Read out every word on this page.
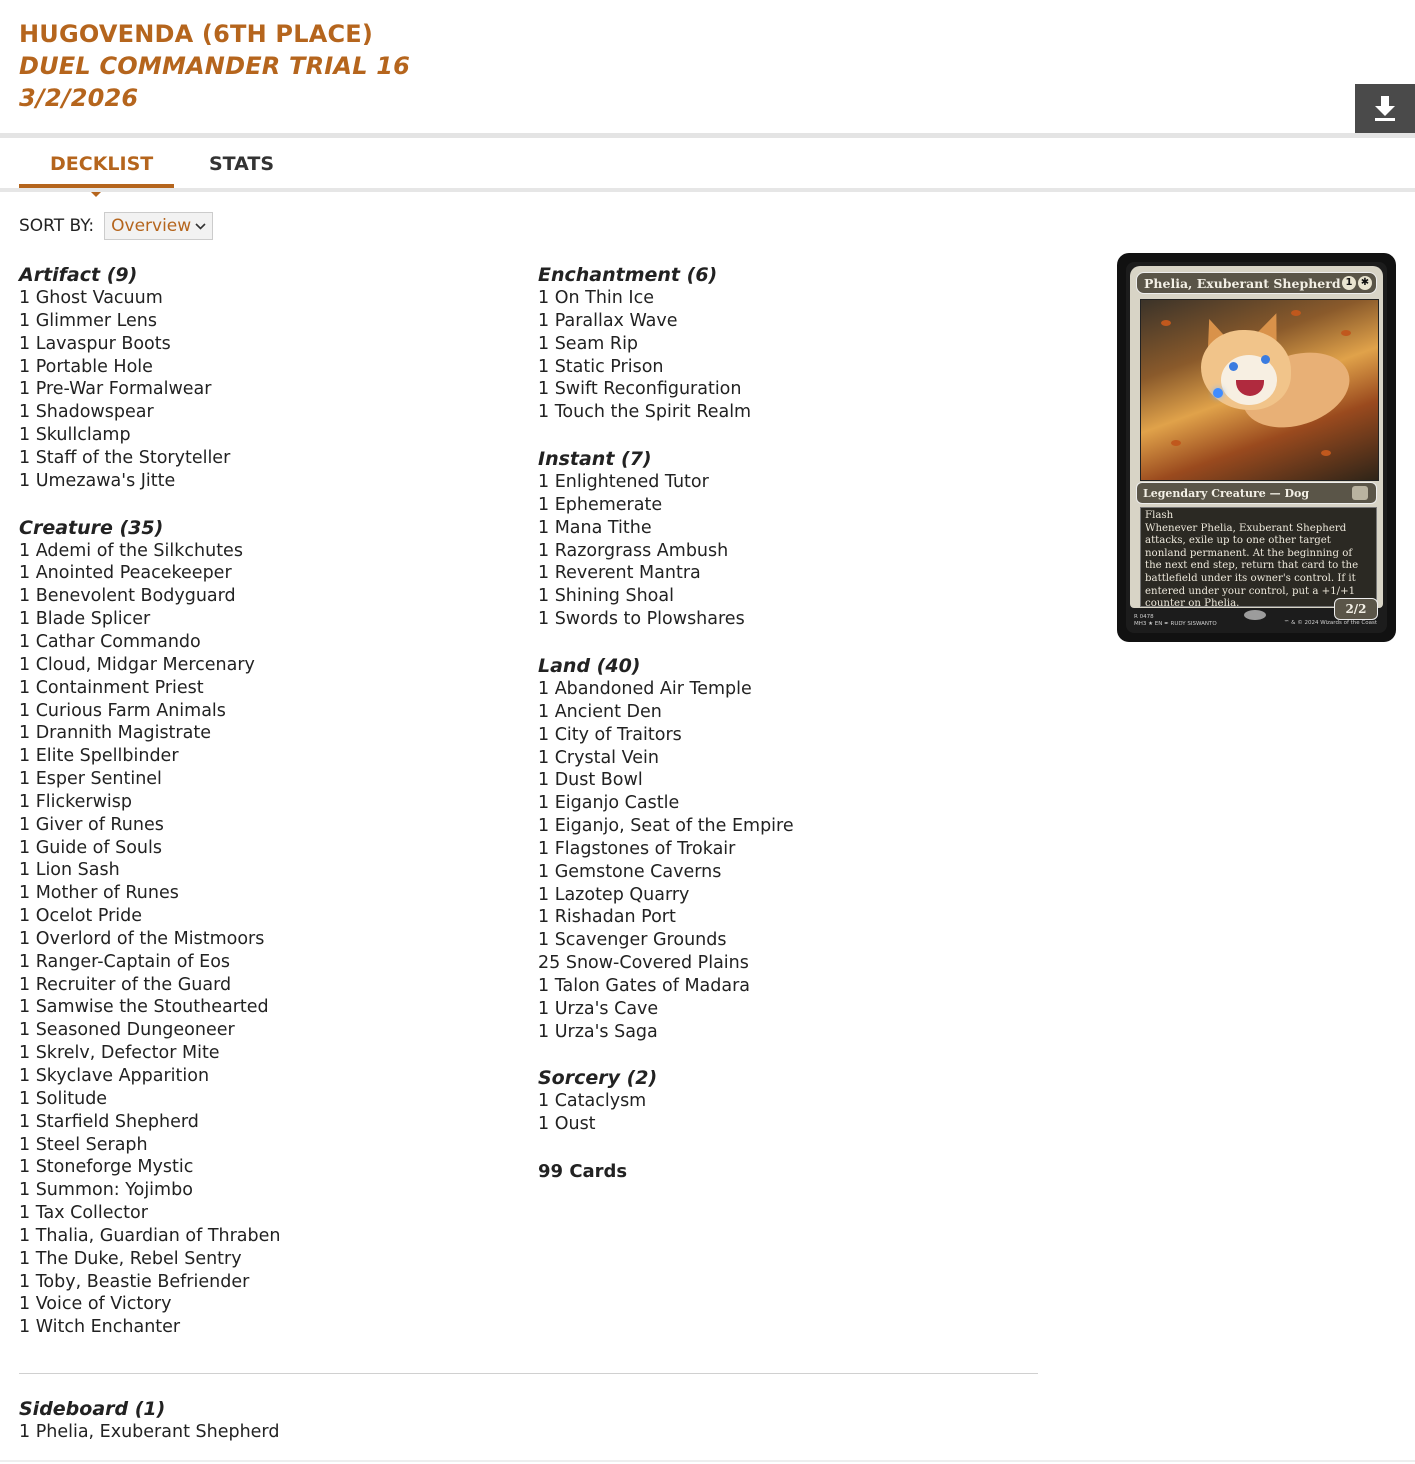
HUGOVENDA (6TH PLACE)
DUEL COMMANDER TRIAL 16
3/2/2026
DECKLIST	STATS
SORT BY: Overview
Artifact (9)
1 Ghost Vacuum
1 Glimmer Lens
1 Lavaspur Boots
1 Portable Hole
1 Pre-War Formalwear
1 Shadowspear
1 Skullclamp
1 Staff of the Storyteller
1 Umezawa's Jitte
Creature (35)
1 Ademi of the Silkchutes
1 Anointed Peacekeeper
1 Benevolent Bodyguard
1 Blade Splicer
1 Cathar Commando
1 Cloud, Midgar Mercenary
1 Containment Priest
1 Curious Farm Animals
1 Drannith Magistrate
1 Elite Spellbinder
1 Esper Sentinel
1 Flickerwisp
1 Giver of Runes
1 Guide of Souls
1 Lion Sash
1 Mother of Runes
1 Ocelot Pride
1 Overlord of the Mistmoors
1 Ranger-Captain of Eos
1 Recruiter of the Guard
1 Samwise the Stouthearted
1 Seasoned Dungeoneer
1 Skrelv, Defector Mite
1 Skyclave Apparition
1 Solitude
1 Starfield Shepherd
1 Steel Seraph
1 Stoneforge Mystic
1 Summon: Yojimbo
1 Tax Collector
1 Thalia, Guardian of Thraben
1 The Duke, Rebel Sentry
1 Toby, Beastie Befriender
1 Voice of Victory
1 Witch Enchanter
Enchantment (6)
1 On Thin Ice
1 Parallax Wave
1 Seam Rip
1 Static Prison
1 Swift Reconfiguration
1 Touch the Spirit Realm
Instant (7)
1 Enlightened Tutor
1 Ephemerate
1 Mana Tithe
1 Razorgrass Ambush
1 Reverent Mantra
1 Shining Shoal
1 Swords to Plowshares
Land (40)
1 Abandoned Air Temple
1 Ancient Den
1 City of Traitors
1 Crystal Vein
1 Dust Bowl
1 Eiganjo Castle
1 Eiganjo, Seat of the Empire
1 Flagstones of Trokair
1 Gemstone Caverns
1 Lazotep Quarry
1 Rishadan Port
1 Scavenger Grounds
25 Snow-Covered Plains
1 Talon Gates of Madara
1 Urza's Cave
1 Urza's Saga
Sorcery (2)
1 Cataclysm
1 Oust
99 Cards
Sideboard (1)
1 Phelia, Exuberant Shepherd
Phelia, Exuberant Shepherd 1 ✱
Legendary Creature — Dog
Flash
Whenever Phelia, Exuberant Shepherd attacks, exile up to one other target nonland permanent. At the beginning of the next end step, return that card to the battlefield under its owner's control. If it entered under your control, put a +1/+1 counter on Phelia.	2/2
R 0478
MH3 ★ EN ✒ RUDY SISWANTO	™ & © 2024 Wizards of the Coast
